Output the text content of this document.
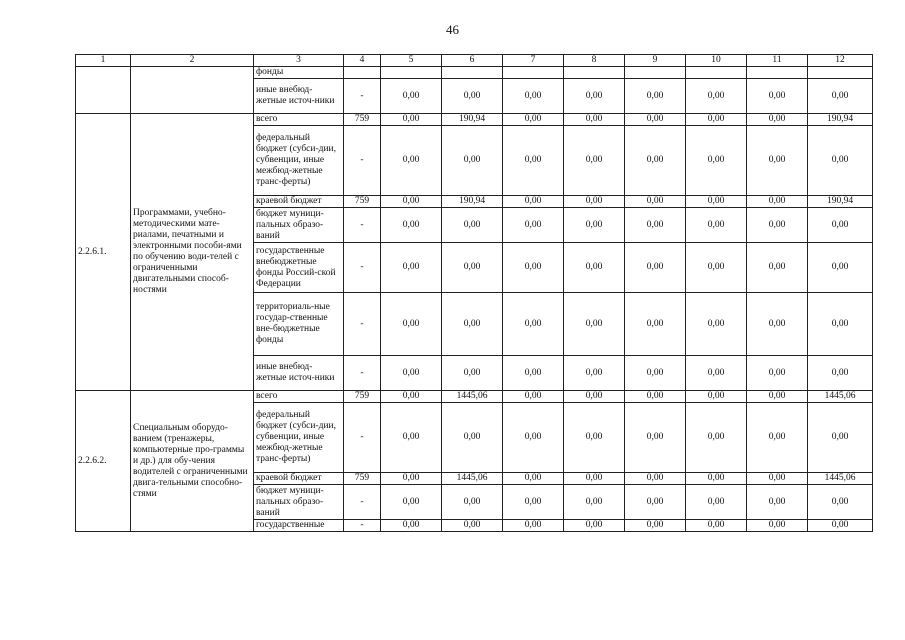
46
1	2	3	4	5	6	7	8	9	10	11	12
		фонды									
		иные внебюд-жетные источ-ники	-	0,00	0,00	0,00	0,00	0,00	0,00	0,00	0,00
2.2.6.1.	Программами, учебно-методическими мате-риалами, печатными и электронными пособи-ями по обучению води-телей с ограниченными двигательными способ-ностями	всего	759	0,00	190,94	0,00	0,00	0,00	0,00	0,00	190,94
		федеральный бюджет (субси-дии, субвенции, иные межбюд-жетные транс-ферты)	-	0,00	0,00	0,00	0,00	0,00	0,00	0,00	0,00
		краевой бюджет	759	0,00	190,94	0,00	0,00	0,00	0,00	0,00	190,94
		бюджет муници-пальных образо-ваний	-	0,00	0,00	0,00	0,00	0,00	0,00	0,00	0,00
		государственные внебюджетные фонды Россий-ской Федерации	-	0,00	0,00	0,00	0,00	0,00	0,00	0,00	0,00
		территориаль-ные государ-ственные вне-бюджетные фонды	-	0,00	0,00	0,00	0,00	0,00	0,00	0,00	0,00
		иные внебюд-жетные источ-ники	-	0,00	0,00	0,00	0,00	0,00	0,00	0,00	0,00
2.2.6.2.	Специальным оборудо-ванием (тренажеры, компьютерные про-граммы и др.) для обу-чения водителей с ограниченными двига-тельными способно-стями	всего	759	0,00	1445,06	0,00	0,00	0,00	0,00	0,00	1445,06
		федеральный бюджет (субси-дии, субвенции, иные межбюд-жетные транс-ферты)	-	0,00	0,00	0,00	0,00	0,00	0,00	0,00	0,00
		краевой бюджет	759	0,00	1445,06	0,00	0,00	0,00	0,00	0,00	1445,06
		бюджет муници-пальных образо-ваний	-	0,00	0,00	0,00	0,00	0,00	0,00	0,00	0,00
		государственные	-	0,00	0,00	0,00	0,00	0,00	0,00	0,00	0,00
